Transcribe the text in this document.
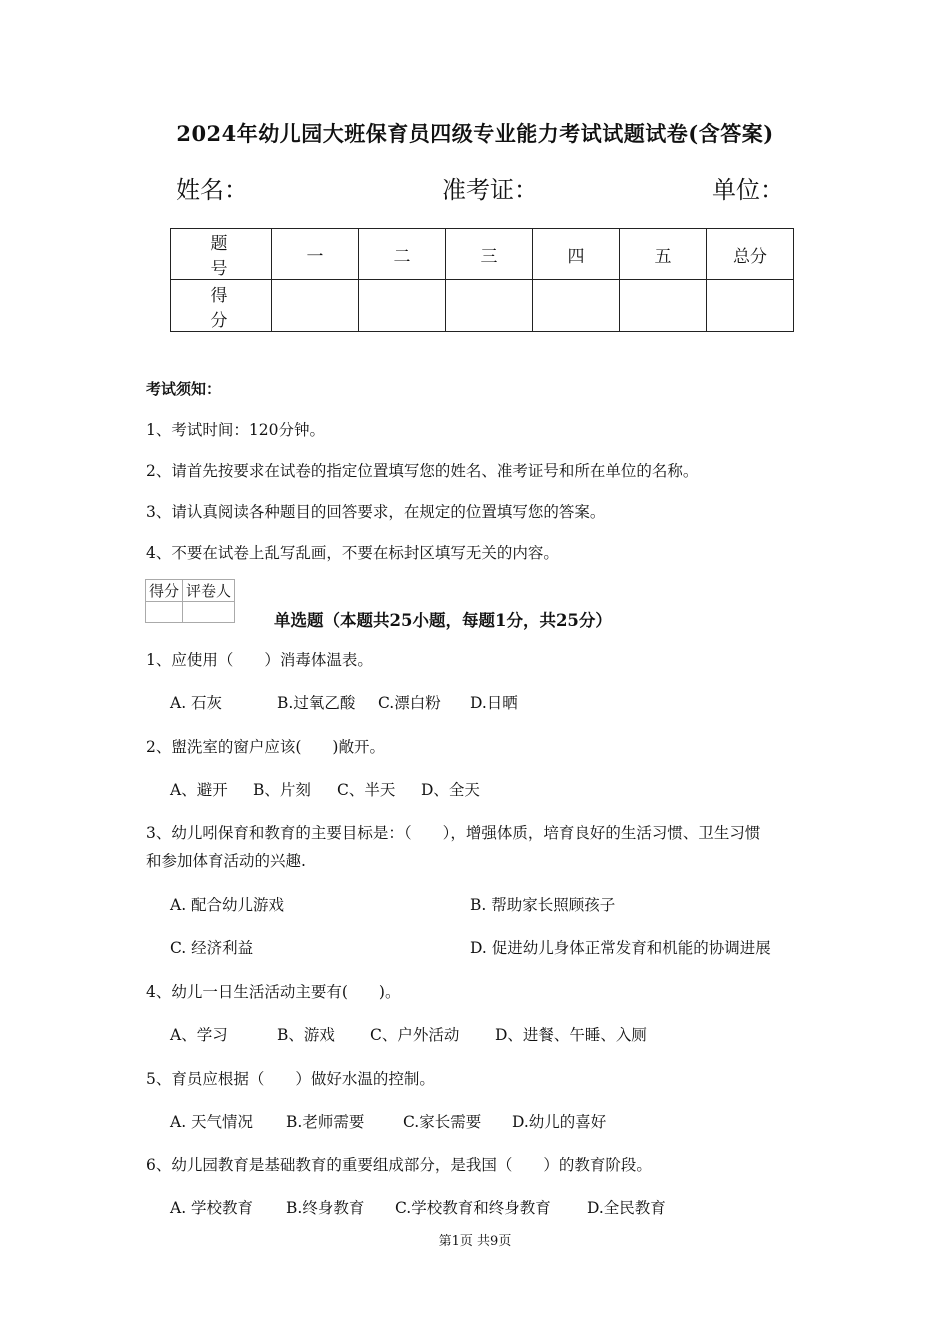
2024年幼儿园大班保育员四级专业能力考试试题试卷(含答案)
姓名：	准考证：	单位：
题 号	一	二	三	四	五	总分
得 分						
考试须知：
1、考试时间：120分钟。
2、请首先按要求在试卷的指定位置填写您的姓名、准考证号和所在单位的名称。
3、请认真阅读各种题目的回答要求，在规定的位置填写您的答案。
4、不要在试卷上乱写乱画，不要在标封区填写无关的内容。
得分	评卷人

单选题（本题共25小题，每题1分，共25分）
1、应使用（　　）消毒体温表。
A. 石灰	B.过氧乙酸 C.漂白粉 D.日晒
2、盥洗室的窗户应该(　　)敞开。
A、避开 B、片刻 C、半天 D、全天
3、幼儿吲保育和教育的主要目标是：（　　），增强体质，培育良好的生活习惯、卫生习惯
和参加体育活动的兴趣.
A. 配合幼儿游戏	B. 帮助家长照顾孩子
C. 经济利益	D. 促进幼儿身体正常发育和机能的协调进展
4、幼儿一日生活活动主要有(　　)。
A、学习	B、游戏 C、户外活动 D、进餐、午睡、入厕
5、育员应根据（　　）做好水温的控制。
A. 天气情况 B.老师需要 C.家长需要 D.幼儿的喜好
6、幼儿园教育是基础教育的重要组成部分，是我国（　　）的教育阶段。
A. 学校教育 B.终身教育 C.学校教育和终身教育 D.全民教育
第1页 共9页
